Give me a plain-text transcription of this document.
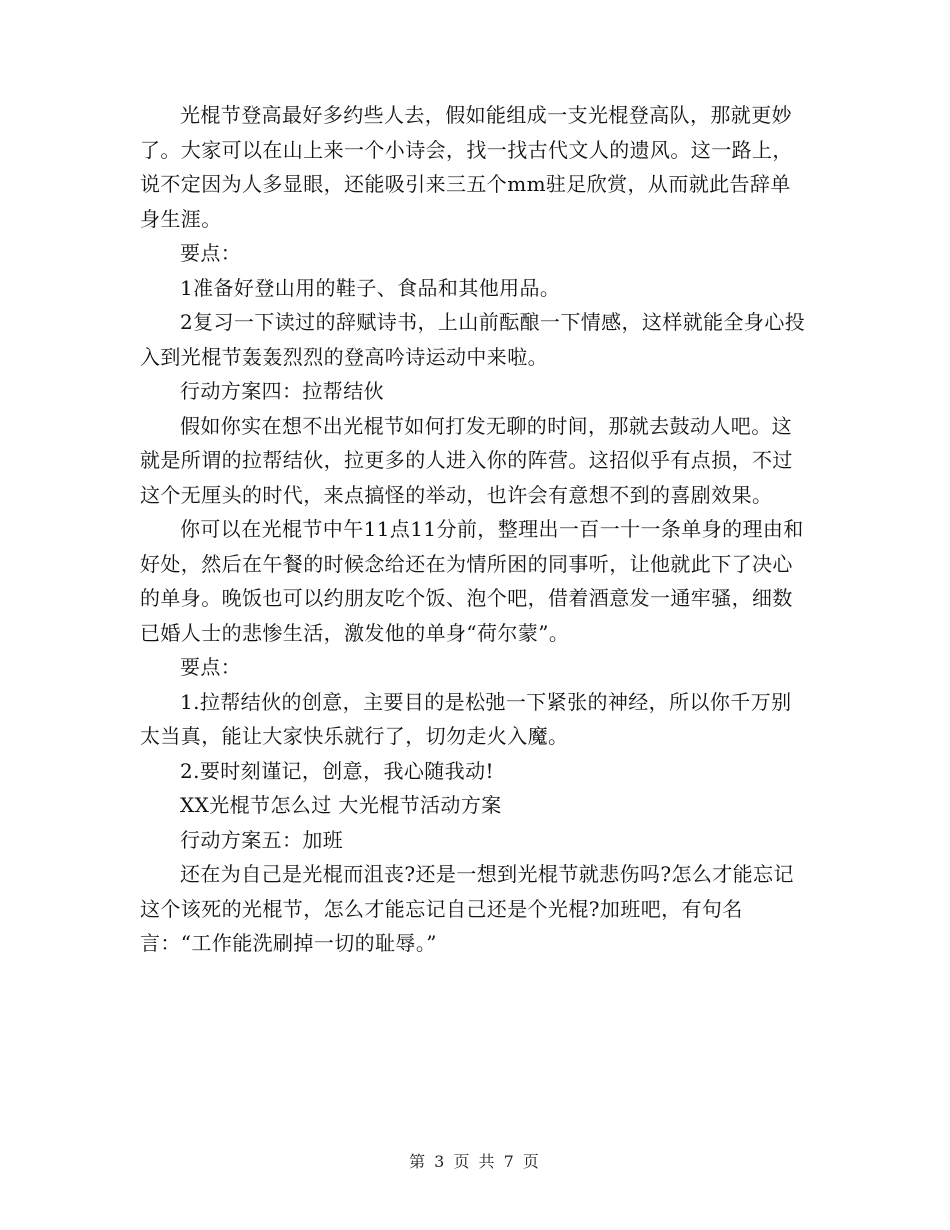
光棍节登高最好多约些人去，假如能组成一支光棍登高队，那就更妙了。大家可以在山上来一个小诗会，找一找古代文人的遗风。这一路上，说不定因为人多显眼，还能吸引来三五个mm驻足欣赏，从而就此告辞单身生涯。

要点：

1准备好登山用的鞋子、食品和其他用品。

2复习一下读过的辞赋诗书，上山前酝酿一下情感，这样就能全身心投入到光棍节轰轰烈烈的登高吟诗运动中来啦。

行动方案四：拉帮结伙

假如你实在想不出光棍节如何打发无聊的时间，那就去鼓动人吧。这就是所谓的拉帮结伙，拉更多的人进入你的阵营。这招似乎有点损，不过这个无厘头的时代，来点搞怪的举动，也许会有意想不到的喜剧效果。

你可以在光棍节中午11点11分前，整理出一百一十一条单身的理由和好处，然后在午餐的时候念给还在为情所困的同事听，让他就此下了决心的单身。晚饭也可以约朋友吃个饭、泡个吧，借着酒意发一通牢骚，细数已婚人士的悲惨生活，激发他的单身“荷尔蒙”。

要点：

1.拉帮结伙的创意，主要目的是松弛一下紧张的神经，所以你千万别太当真，能让大家快乐就行了，切勿走火入魔。

2.要时刻谨记，创意，我心随我动!

XX光棍节怎么过 大光棍节活动方案

行动方案五：加班

还在为自己是光棍而沮丧?还是一想到光棍节就悲伤吗?怎么才能忘记这个该死的光棍节，怎么才能忘记自己还是个光棍?加班吧，有句名言：“工作能洗刷掉一切的耻辱。”

第 3 页 共 7 页
